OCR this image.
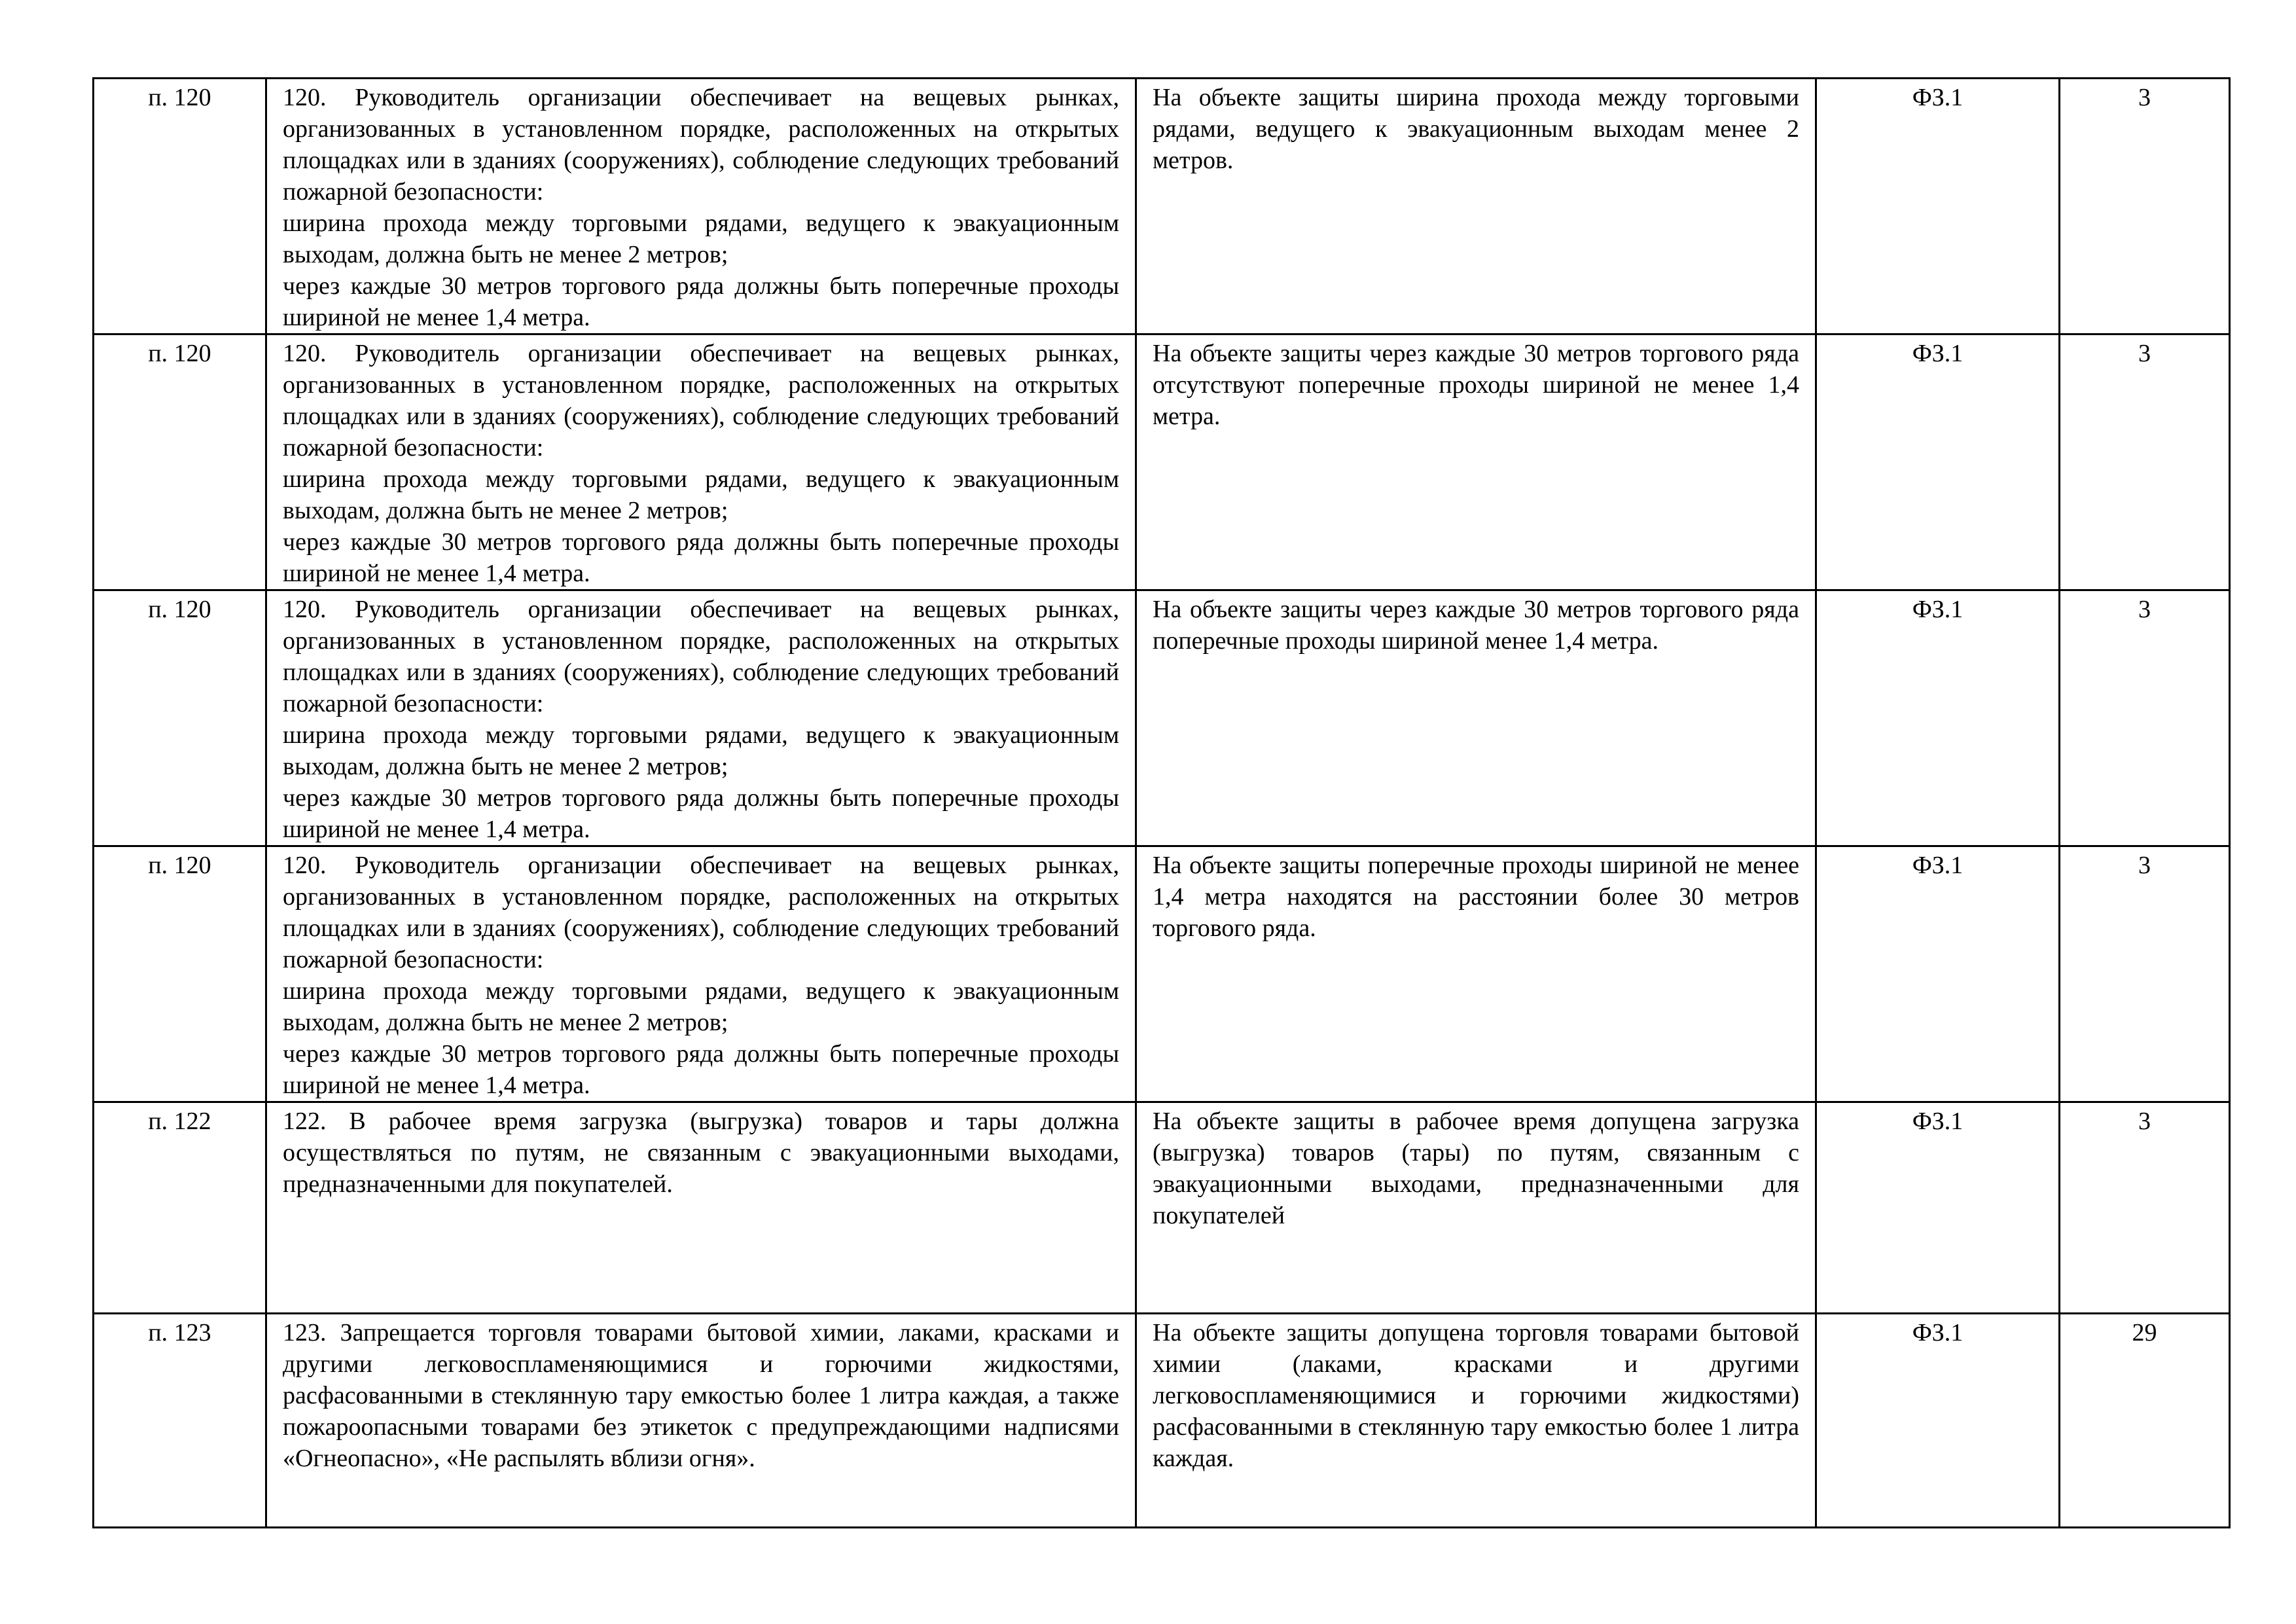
п. 120	120. Руководитель организации обеспечивает на вещевых рынках, организованных в установленном порядке, расположенных на открытых площадках или в зданиях (сооружениях), соблюдение следующих требований пожарной безопасности:
ширина прохода между торговыми рядами, ведущего к эвакуационным выходам, должна быть не менее 2 метров;
через каждые 30 метров торгового ряда должны быть поперечные проходы шириной не менее 1,4 метра.	На объекте защиты ширина прохода между торговыми рядами, ведущего к эвакуационным выходам менее 2 метров.	ФЗ.1	3
п. 120	120. Руководитель организации обеспечивает на вещевых рынках, организованных в установленном порядке, расположенных на открытых площадках или в зданиях (сооружениях), соблюдение следующих требований пожарной безопасности:
ширина прохода между торговыми рядами, ведущего к эвакуационным выходам, должна быть не менее 2 метров;
через каждые 30 метров торгового ряда должны быть поперечные проходы шириной не менее 1,4 метра.	На объекте защиты через каждые 30 метров торгового ряда отсутствуют поперечные проходы шириной не менее 1,4 метра.	ФЗ.1	3
п. 120	120. Руководитель организации обеспечивает на вещевых рынках, организованных в установленном порядке, расположенных на открытых площадках или в зданиях (сооружениях), соблюдение следующих требований пожарной безопасности:
ширина прохода между торговыми рядами, ведущего к эвакуационным выходам, должна быть не менее 2 метров;
через каждые 30 метров торгового ряда должны быть поперечные проходы шириной не менее 1,4 метра.	На объекте защиты через каждые 30 метров торгового ряда поперечные проходы шириной менее 1,4 метра.	ФЗ.1	3
п. 120	120. Руководитель организации обеспечивает на вещевых рынках, организованных в установленном порядке, расположенных на открытых площадках или в зданиях (сооружениях), соблюдение следующих требований пожарной безопасности:
ширина прохода между торговыми рядами, ведущего к эвакуационным выходам, должна быть не менее 2 метров;
через каждые 30 метров торгового ряда должны быть поперечные проходы шириной не менее 1,4 метра.	На объекте защиты поперечные проходы шириной не менее 1,4 метра находятся на расстоянии более 30 метров торгового ряда.	ФЗ.1	3
п. 122	122. В рабочее время загрузка (выгрузка) товаров и тары должна осуществляться по путям, не связанным с эвакуационными выходами, предназначенными для покупателей.	На объекте защиты в рабочее время допущена загрузка (выгрузка) товаров (тары) по путям, связанным с эвакуационными выходами, предназначенными для покупателей	ФЗ.1	3
п. 123	123. Запрещается торговля товарами бытовой химии, лаками, красками и другими легковоспламеняющимися и горючими жидкостями, расфасованными в стеклянную тару емкостью более 1 литра каждая, а также пожароопасными товарами без этикеток с предупреждающими надписями «Огнеопасно», «Не распылять вблизи огня».	На объекте защиты допущена торговля товарами бытовой химии (лаками, красками и другими легковоспламеняющимися и горючими жидкостями) расфасованными в стеклянную тару емкостью более 1 литра каждая.	ФЗ.1	29
